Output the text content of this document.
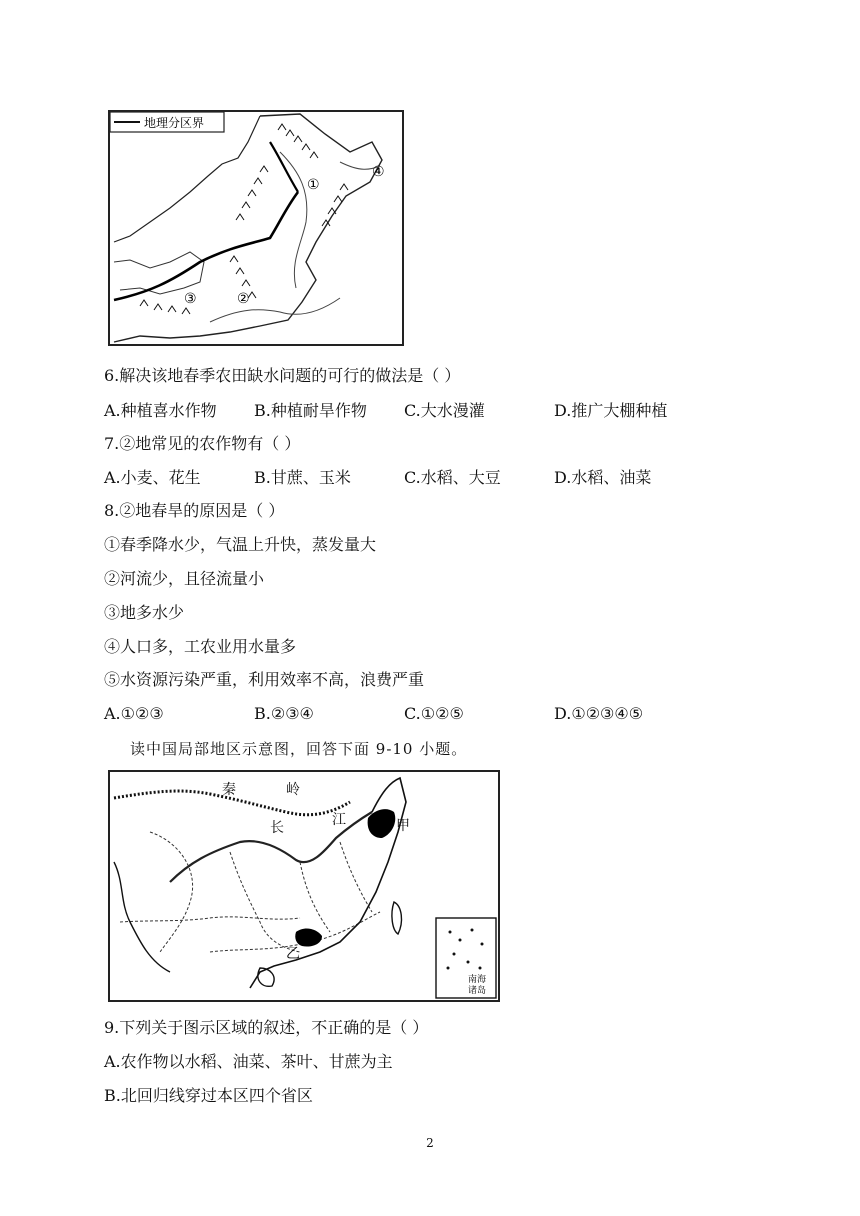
地理分区界
①
④
③	②
6.解决该地春季农田缺水问题的可行的做法是（ ）
A.种植喜水作物 B.种植耐旱作物 C.大水漫灌	D.推广大棚种植
7.②地常见的农作物有（ ）
A.小麦、花生	B.甘蔗、玉米	C.水稻、大豆	D.水稻、油菜
8.②地春旱的原因是（ ）
①春季降水少，气温上升快，蒸发量大
②河流少，且径流量小
③地多水少
④人口多，工农业用水量多
⑤水资源污染严重，利用效率不高，浪费严重
A.①②③	B.②③④	C.①②⑤	D.①②③④⑤
读中国局部地区示意图，回答下面 9-10 小题。
秦	岭
长	江	甲
乙
南海
诸岛
9.下列关于图示区域的叙述，不正确的是（ ）
A.农作物以水稻、油菜、茶叶、甘蔗为主
B.北回归线穿过本区四个省区
2
